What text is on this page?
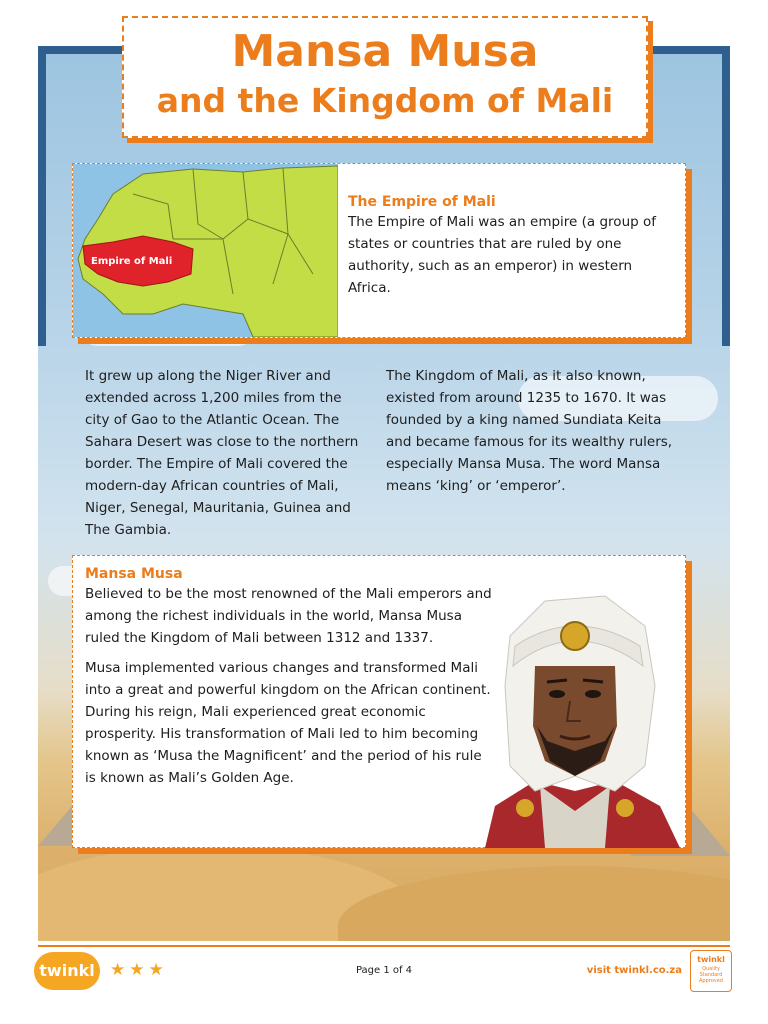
Mansa Musa
and the Kingdom of Mali
Empire of Mali
The Empire of Mali

The Empire of Mali was an empire (a group of states or countries that are ruled by one authority, such as an emperor) in western Africa.

It grew up along the Niger River and extended across 1,200 miles from the city of Gao to the Atlantic Ocean. The Sahara Desert was close to the northern border. The Empire of Mali covered the modern-day African countries of Mali, Niger, Senegal, Mauritania, Guinea and The Gambia.

The Kingdom of Mali, as it also known, existed from around 1235 to 1670. It was founded by a king named Sundiata Keita and became famous for its wealthy rulers, especially Mansa Musa. The word Mansa means ‘king’ or ‘emperor’.

Mansa Musa

Believed to be the most renowned of the Mali emperors and among the richest individuals in the world, Mansa Musa ruled the Kingdom of Mali between 1312 and 1337.

Musa implemented various changes and transformed Mali into a great and powerful kingdom on the African continent. During his reign, Mali experienced great economic prosperity. His transformation of Mali led to him becoming known as ‘Musa the Magnificent’ and the period of his rule is known as Mali’s Golden Age.

twinkl ★ ★ ★	Page 1 of 4	visit twinkl.co.za
twinkl
Quality Standard Approved
